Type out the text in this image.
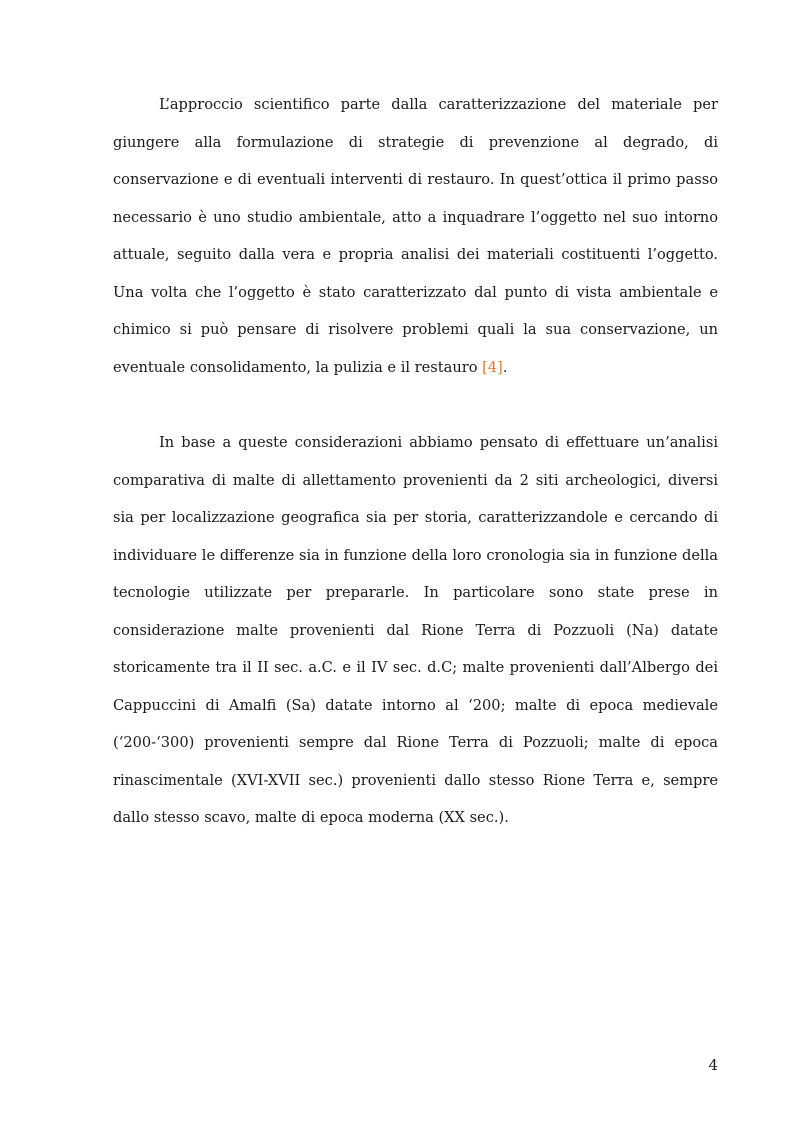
L’approccio scientifico parte dalla caratterizzazione del materiale per giungere alla formulazione di strategie di prevenzione al degrado, di conservazione e di eventuali interventi di restauro. In quest’ottica il primo passo necessario è uno studio ambientale, atto a inquadrare l’oggetto nel suo intorno attuale, seguito dalla vera e propria analisi dei materiali costituenti l’oggetto. Una volta che l’oggetto è stato caratterizzato dal punto di vista ambientale e chimico si può pensare di risolvere problemi quali la sua conservazione, un eventuale consolidamento, la pulizia e il restauro [4].

In base a queste considerazioni abbiamo pensato di effettuare un’analisi comparativa di malte di allettamento provenienti da 2 siti archeologici, diversi sia per localizzazione geografica sia per storia, caratterizzandole e cercando di individuare le differenze sia in funzione della loro cronologia sia in funzione della tecnologie utilizzate per prepararle. In particolare sono state prese in considerazione malte provenienti dal Rione Terra di Pozzuoli (Na) datate storicamente tra il II sec. a.C. e il IV sec. d.C; malte provenienti dall’Albergo dei Cappuccini di Amalfi (Sa) datate intorno al ‘200; malte di epoca medievale (‘200-‘300) provenienti sempre dal Rione Terra di Pozzuoli; malte di epoca rinascimentale (XVI-XVII sec.) provenienti dallo stesso Rione Terra e, sempre dallo stesso scavo, malte di epoca moderna (XX sec.).

4
